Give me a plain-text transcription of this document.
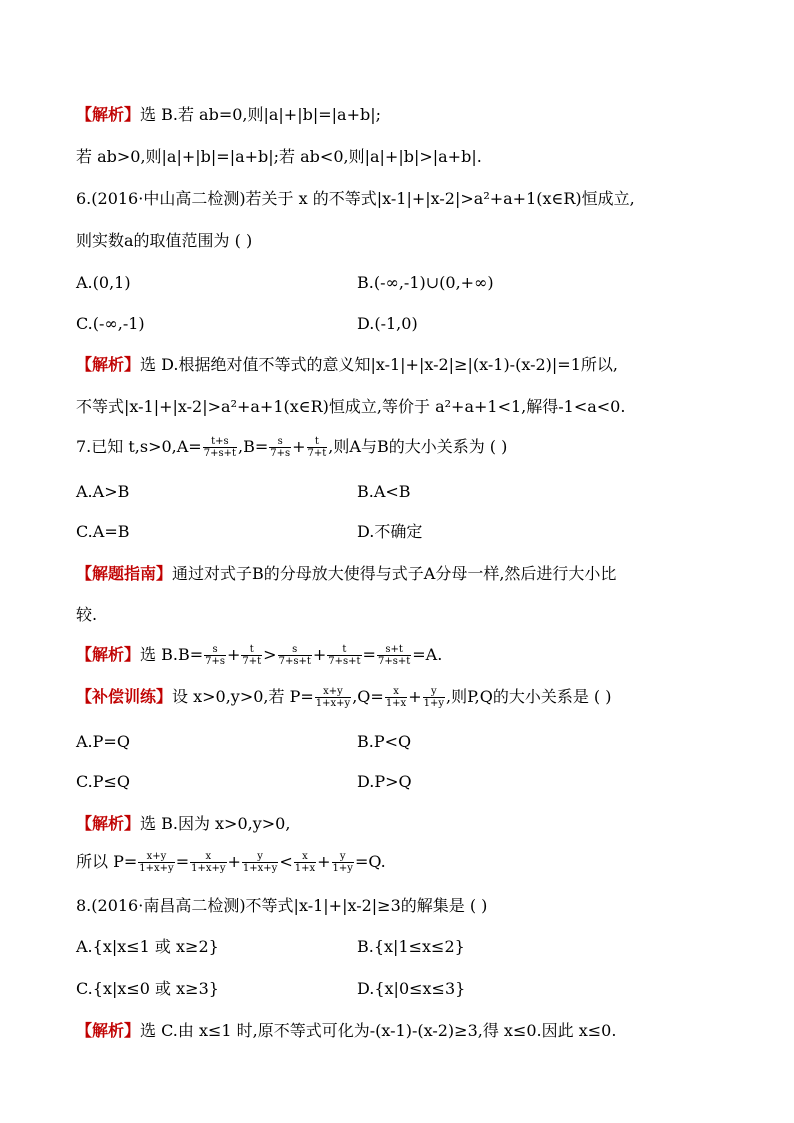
【解析】选 B.若 ab=0,则|a|+|b|=|a+b|;
若 ab>0,则|a|+|b|=|a+b|;若 ab<0,则|a|+|b|>|a+b|.
6.(2016·中山高二检测)若关于 x 的不等式|x-1|+|x-2|>a²+a+1(x∈R)恒成立,
则实数a的取值范围为 ( )
A.(0,1)	B.(-∞,-1)∪(0,+∞)
C.(-∞,-1)	D.(-1,0)
【解析】选 D.根据绝对值不等式的意义知|x-1|+|x-2|≥|(x-1)-(x-2)|=1所以,
不等式|x-1|+|x-2|>a²+a+1(x∈R)恒成立,等价于 a²+a+1<1,解得-1<a<0.
7.已知 $t,s>0,A= \frac{t+s}{7+s+t} ,B= \frac{s}{7+s} + \frac{t}{7+t}$ ,则A与B的大小关系为 ( )
A.A>B	B.A<B
C.A=B	D.不确定
【解题指南】通过对式子B的分母放大使得与式子A分母一样,然后进行大小比
较.
【解析】选 $B.B= \frac{s}{7+s} + \frac{t}{7+t} > \frac{s}{7+s+t} + \frac{t}{7+s+t} = \frac{s+t}{7+s+t} =A$.
【补偿训练】设 x>0,y>0,若 $P= \frac{x+y}{1+x+y} ,Q= \frac{x}{1+x} + \frac{y}{1+y}$ ,则P,Q的大小关系是 ( )
A.P=Q	B.P<Q
C.P≤Q	D.P>Q
【解析】选 B.因为 x>0,y>0,
所以 $P= \frac{x+y}{1+x+y} = \frac{x}{1+x+y} + \frac{y}{1+x+y} < \frac{x}{1+x} + \frac{y}{1+y} =Q$.
8.(2016·南昌高二检测)不等式|x-1|+|x-2|≥3的解集是 ( )
A.{x|x≤1 或 x≥2}	B.{x|1≤x≤2}
C.{x|x≤0 或 x≥3}	D.{x|0≤x≤3}
【解析】选 C.由 x≤1 时,原不等式可化为-(x-1)-(x-2)≥3,得 x≤0.因此 x≤0.
